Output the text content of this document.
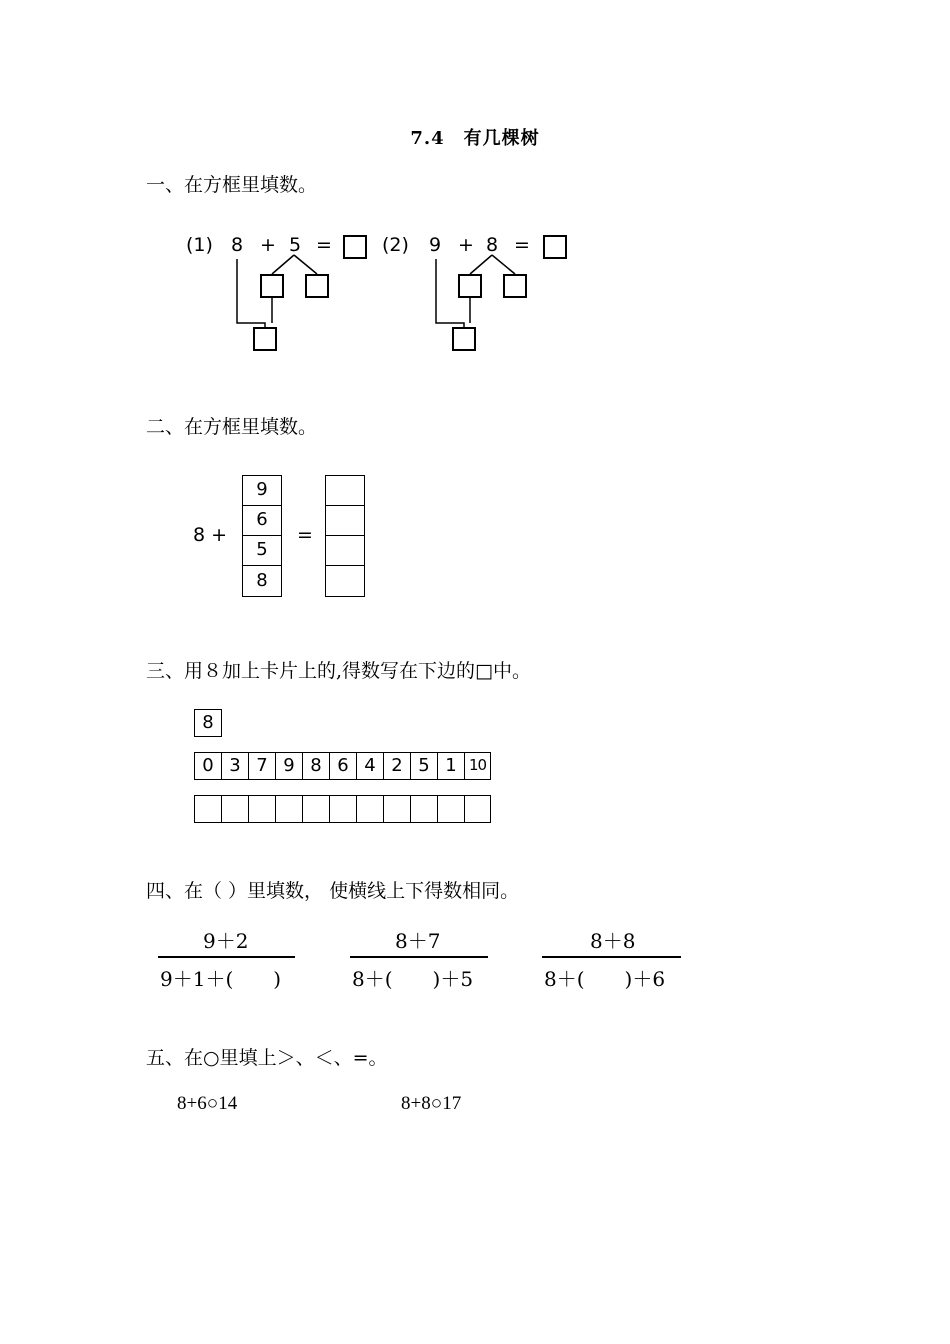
7.4　有几棵树
一、在方框里填数。
(1) 8 + 5 =	(2) 9 + 8 =
二、在方框里填数。
8 +
9
6
5
8
=
三、用８加上卡片上的,得数写在下边的□中。
8
0 3 7 9 8 6 4 2 5 1 10
四、在（ ）里填数， 使横线上下得数相同。
9＋2
9＋1＋(　　)
8＋7
8＋(　　)＋5
8＋8
8＋(　　)＋6
五、在○里填上＞、＜、=。
8+6○14	8+8○17
